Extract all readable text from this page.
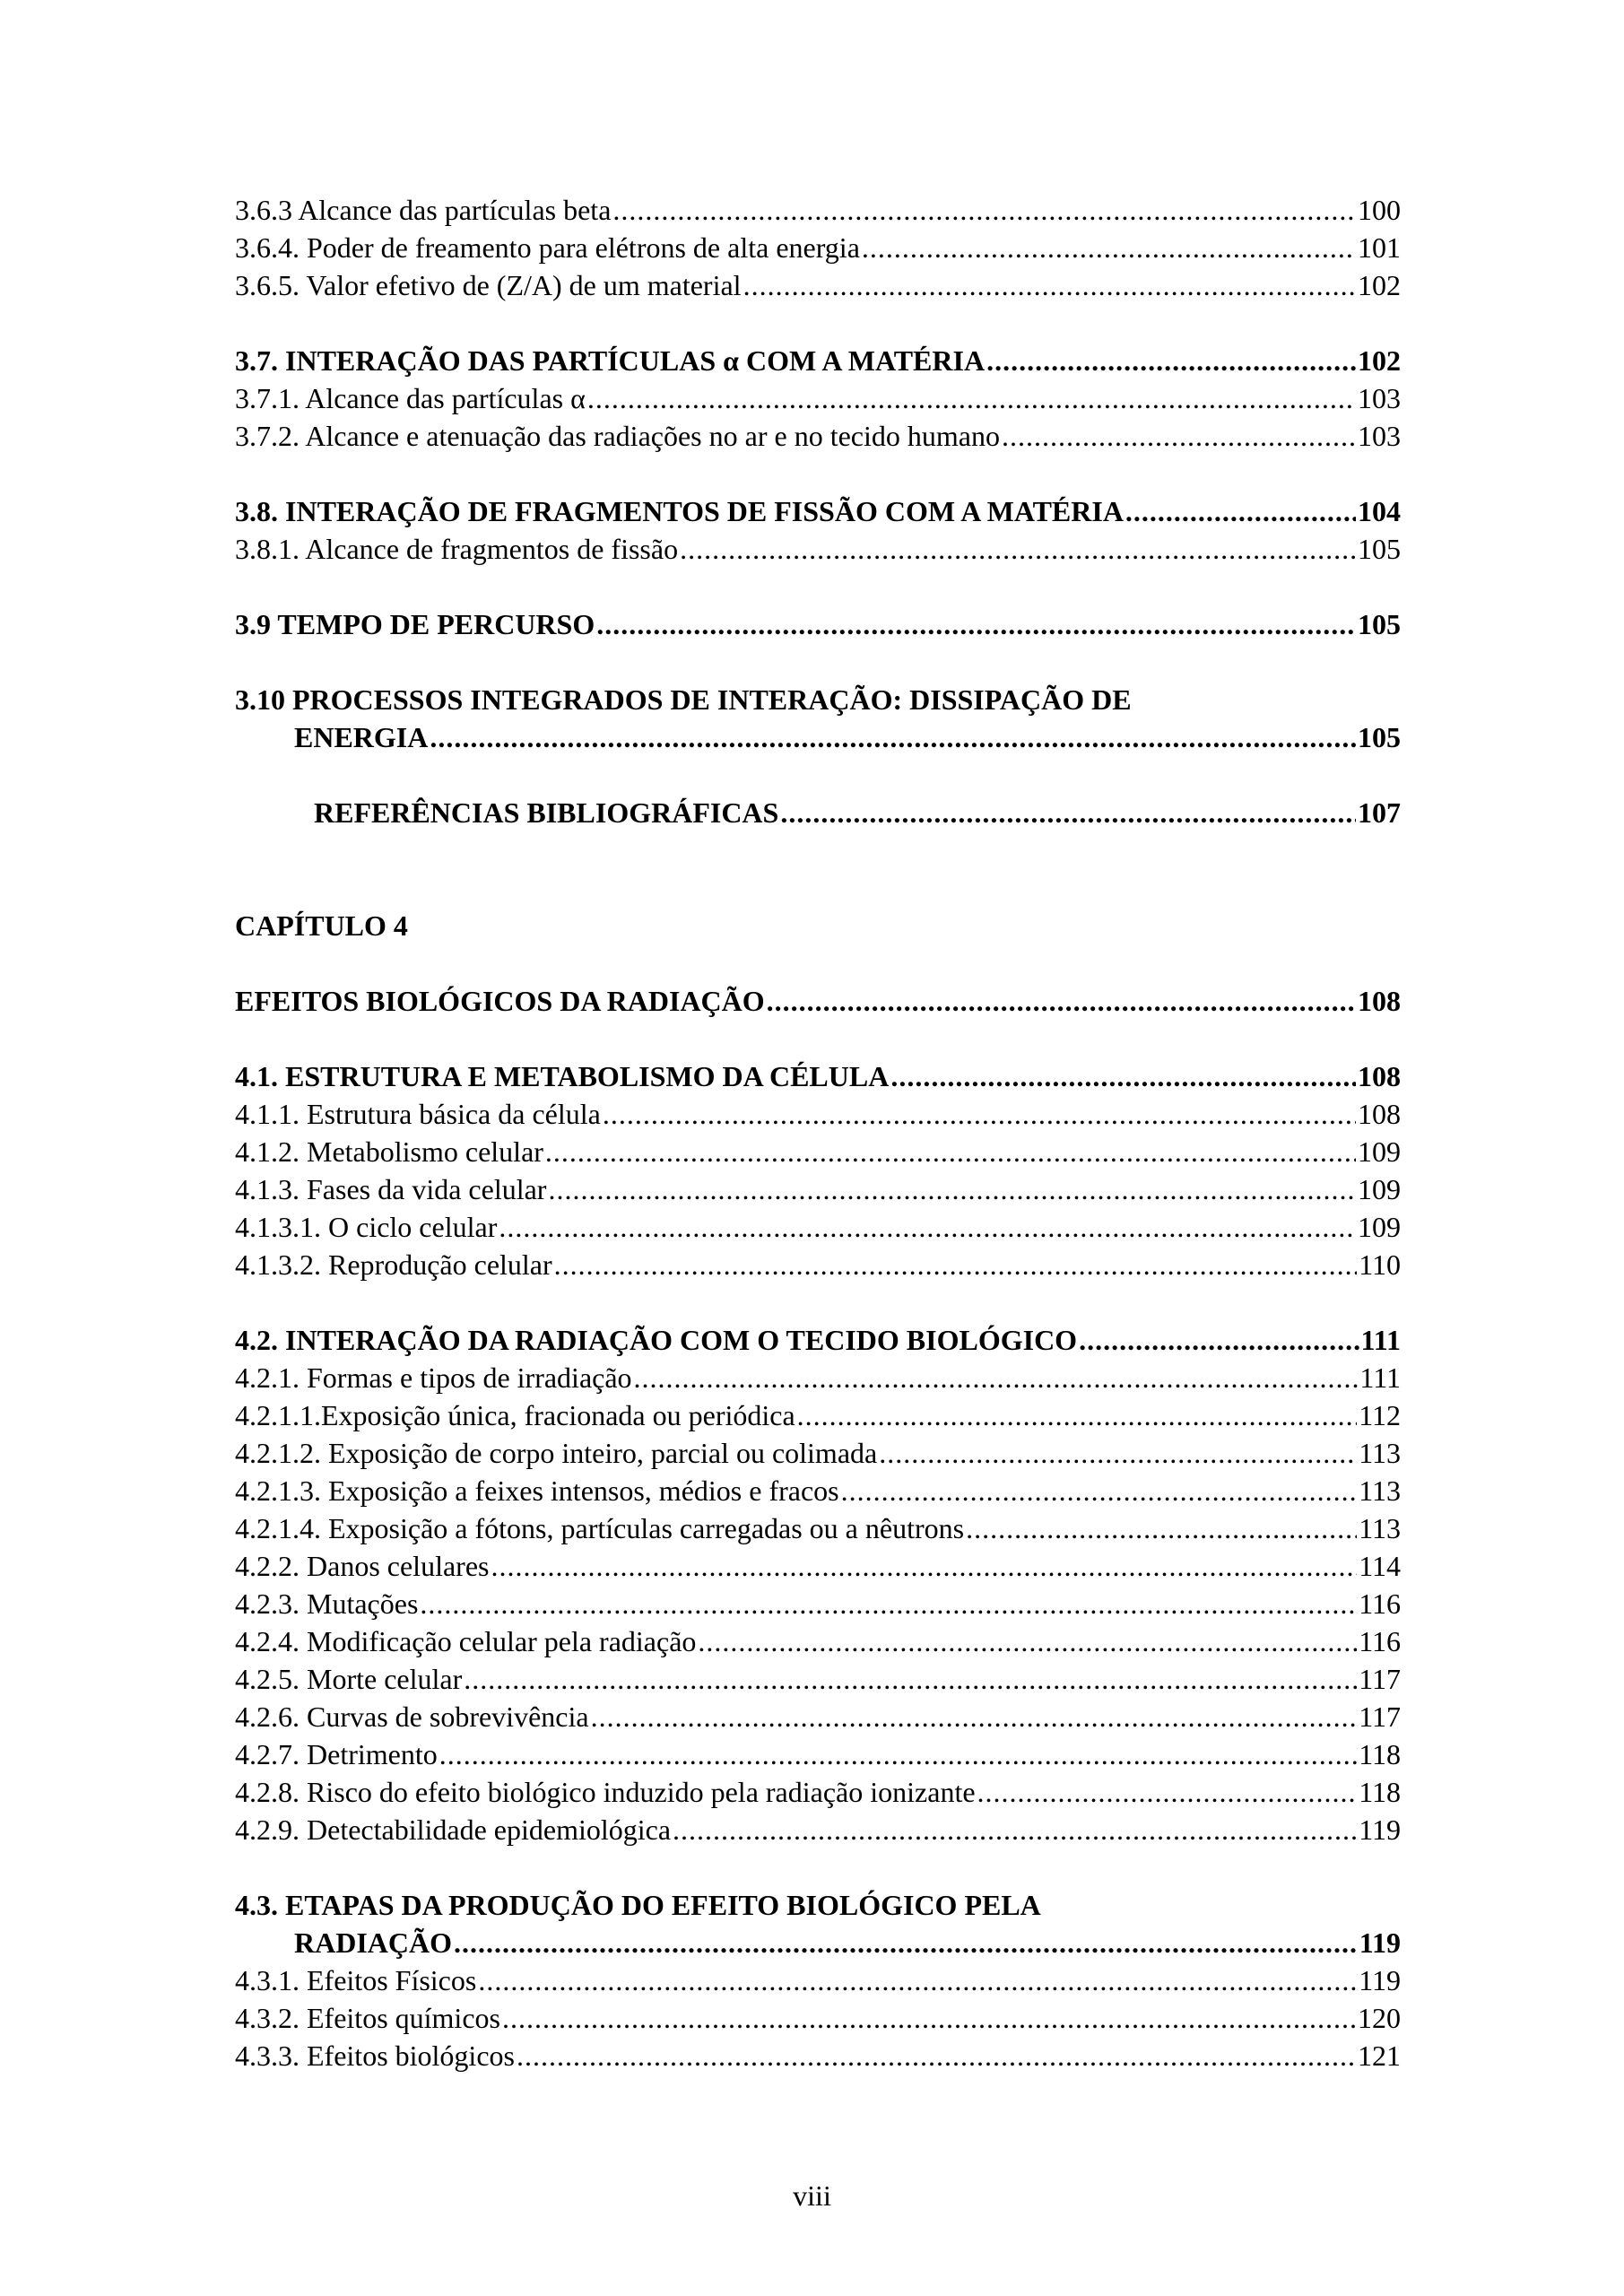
3.6.3 Alcance das partículas beta .....	100
3.6.4. Poder de freamento para elétrons de alta energia .....	101
3.6.5. Valor efetivo de (Z/A) de um material .....	102
3.7. INTERAÇÃO DAS PARTÍCULAS α COM A MATÉRIA .....	102
3.7.1. Alcance das partículas α .....	103
3.7.2. Alcance e atenuação das radiações no ar e no tecido humano .....	103
3.8. INTERAÇÃO DE FRAGMENTOS DE FISSÃO COM A MATÉRIA .....	104
3.8.1. Alcance de fragmentos de fissão .....	105
3.9 TEMPO DE PERCURSO .....	105
3.10 PROCESSOS INTEGRADOS DE INTERAÇÃO: DISSIPAÇÃO DE
ENERGIA .....	105
REFERÊNCIAS BIBLIOGRÁFICAS .....	107
CAPÍTULO 4
EFEITOS BIOLÓGICOS DA RADIAÇÃO .....	108
4.1. ESTRUTURA E METABOLISMO DA CÉLULA .....	108
4.1.1. Estrutura básica da célula .....	108
4.1.2. Metabolismo celular .....	109
4.1.3. Fases da vida celular .....	109
4.1.3.1. O ciclo celular .....	109
4.1.3.2. Reprodução celular .....	110
4.2. INTERAÇÃO DA RADIAÇÃO COM O TECIDO BIOLÓGICO .....	111
4.2.1. Formas e tipos de irradiação .....	111
4.2.1.1.Exposição única, fracionada ou periódica .....	112
4.2.1.2. Exposição de corpo inteiro, parcial ou colimada .....	113
4.2.1.3. Exposição a feixes intensos, médios e fracos .....	113
4.2.1.4. Exposição a fótons, partículas carregadas ou a nêutrons .....	113
4.2.2. Danos celulares .....	114
4.2.3. Mutações .....	116
4.2.4. Modificação celular pela radiação .....	116
4.2.5. Morte celular .....	117
4.2.6. Curvas de sobrevivência .....	117
4.2.7. Detrimento .....	118
4.2.8. Risco do efeito biológico induzido pela radiação ionizante .....	118
4.2.9. Detectabilidade epidemiológica .....	119
4.3. ETAPAS DA PRODUÇÃO DO EFEITO BIOLÓGICO PELA
RADIAÇÃO .....	119
4.3.1. Efeitos Físicos .....	119
4.3.2. Efeitos químicos .....	120
4.3.3. Efeitos biológicos .....	121
viii
